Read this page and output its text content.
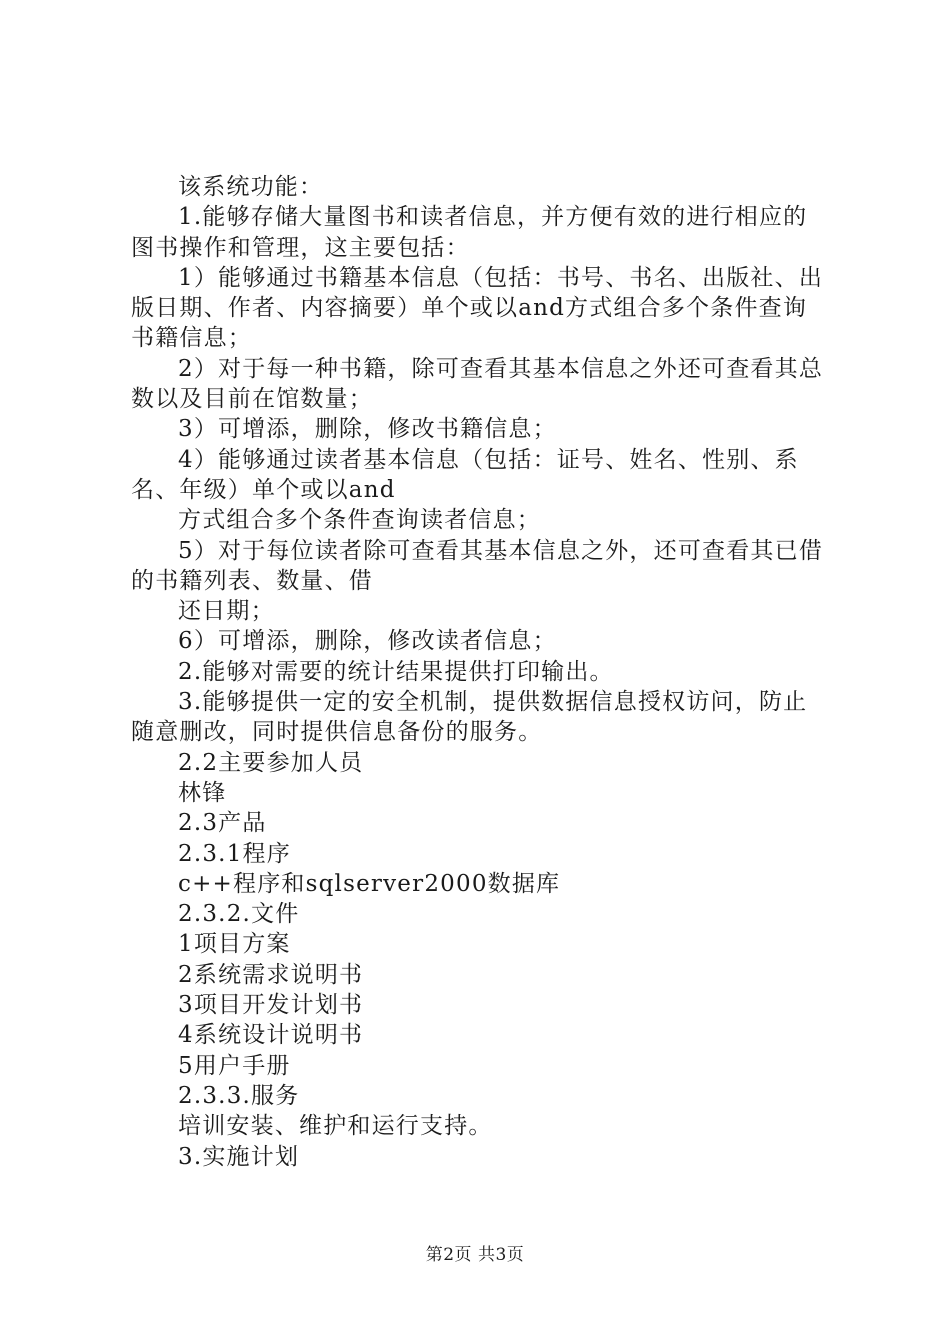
该系统功能：

1.能够存储大量图书和读者信息，并方便有效的进行相应的图书操作和管理，这主要包括：

1）能够通过书籍基本信息（包括：书号、书名、出版社、出版日期、作者、内容摘要）单个或以and方式组合多个条件查询书籍信息；

2）对于每一种书籍，除可查看其基本信息之外还可查看其总数以及目前在馆数量；

3）可增添，删除，修改书籍信息；

4）能够通过读者基本信息（包括：证号、姓名、性别、系名、年级）单个或以and

方式组合多个条件查询读者信息；

5）对于每位读者除可查看其基本信息之外，还可查看其已借的书籍列表、数量、借

还日期；

6）可增添，删除，修改读者信息；

2.能够对需要的统计结果提供打印输出。

3.能够提供一定的安全机制，提供数据信息授权访问，防止随意删改，同时提供信息备份的服务。

2.2主要参加人员

林锋

2.3产品

2.3.1程序

c++程序和sqlserver2000数据库

2.3.2.文件

1项目方案

2系统需求说明书

3项目开发计划书

4系统设计说明书

5用户手册

2.3.3.服务

培训安装、维护和运行支持。

3.实施计划

第2页 共3页
